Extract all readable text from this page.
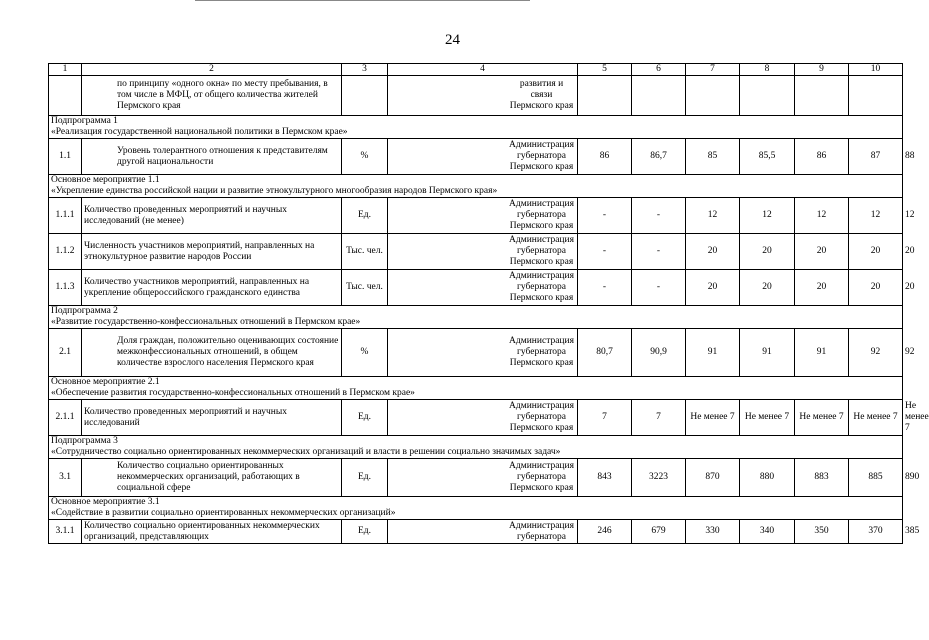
24
1	2	3	4	5	6	7	8	9	10	
	по принципу «одного окна» по месту пребывания, в том числе в МФЦ, от общего количества жителей Пермского края		развития и связи Пермского края							

Подпрограмма 1
«Реализация государственной национальной политики в Пермском крае»										

1.1	Уровень толерантного отношения к представителям другой национальности	%	Администрация губернатора Пермского края	86	86,7	85	85,5	86	87	88

Основное мероприятие 1.1
«Укрепление единства российской нации и развитие этнокультурного многообразия народов Пермского края»										

1.1.1	Количество проведенных мероприятий и научных исследований (не менее)	Ед.	Администрация губернатора Пермского края	-	-	12	12	12	12	12
1.1.2	Численность участников мероприятий, направленных на этнокультурное развитие народов России	Тыс. чел.	Администрация губернатора Пермского края	-	-	20	20	20	20	20
1.1.3	Количество участников мероприятий, направленных на укрепление общероссийского гражданского единства	Тыс. чел.	Администрация губернатора Пермского края	-	-	20	20	20	20	20

Подпрограмма 2
«Развитие государственно-конфессиональных отношений в Пермском крае»										

2.1	Доля граждан, положительно оценивающих состояние межконфессиональных отношений, в общем количестве взрослого населения Пермского края	%	Администрация губернатора Пермского края	80,7	90,9	91	91	91	92	92

Основное мероприятие 2.1
«Обеспечение развития государственно-конфессиональных отношений в Пермском крае»										

2.1.1	Количество проведенных мероприятий и научных исследований	Ед.	Администрация губернатора Пермского края	7	7	Не менее 7	Не менее 7	Не менее 7	Не менее 7	Не менее 7

Подпрограмма 3
«Сотрудничество социально ориентированных некоммерческих организаций и власти в решении социально значимых задач»										

3.1	Количество социально ориентированных некоммерческих организаций, работающих в социальной сфере	Ед.	Администрация губернатора Пермского края	843	3223	870	880	883	885	890

Основное мероприятие 3.1
«Содействие в развитии социально ориентированных некоммерческих организаций»										

3.1.1	Количество социально ориентированных некоммерческих организаций, представляющих	Ед.	Администрация губернатора	246	679	330	340	350	370	385
